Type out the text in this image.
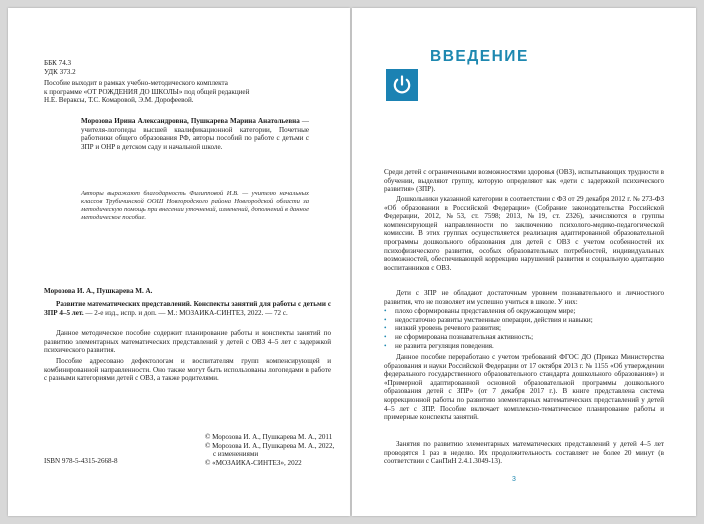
ББК 74.3
УДК 373.2
Пособие выходит в рамках учебно-методического комплекта
к программе «ОТ РОЖДЕНИЯ ДО ШКОЛЫ» под общей редакцией
Н.Е. Вераксы, Т.С. Комаровой, Э.М. Дорофеевой.

Морозова Ирина Александровна, Пушкарева Марина Анатольевна — учителя-логопеды высшей квалификационной категории, Почетные работники общего образования РФ, авторы пособий по работе с детьми с ЗПР и ОНР в детском саду и начальной школе.

Авторы выражают благодарность Филипповой И.В. — учителю начальных классов Трубичинской ООШ Новгородского района Новгородской области за методическую помощь при внесении уточнений, изменений, дополнений в данное методическое пособие.

Морозова И. А., Пушкарева М. А.

Развитие математических представлений. Конспекты занятий для работы с детьми с ЗПР 4–5 лет. — 2-е изд., испр. и доп. — М.: МОЗАИКА-СИНТЕЗ, 2022. — 72 с.

Данное методическое пособие содержит планирование работы и конспекты занятий по развитию элементарных математических представлений у детей с ОВЗ 4–5 лет с задержкой психического развития.

Пособие адресовано дефектологам и воспитателям групп компенсирующей и комбинированной направленности. Оно также могут быть использованы логопедами в работе с разными категориями детей с ОВЗ, а также родителями.

© Морозова И. А., Пушкарева М. А., 2011
© Морозова И. А., Пушкарева М. А., 2022,
с изменениями
© «МОЗАИКА-СИНТЕЗ», 2022

ISBN 978-5-4315-2668-8

ВВЕДЕНИЕ

Среди детей с ограниченными возможностями здоровья (ОВЗ), испытывающих трудности в обучении, выделяют группу, которую определяют как «дети с задержкой психического развития» (ЗПР).

Дошкольники указанной категории в соответствии с ФЗ от 29 декабря 2012 г. № 273-ФЗ «Об образовании в Российской Федерации» (Собрание законодательства Российской Федерации, 2012, №53, ст. 7598; 2013, №19, ст. 2326), зачисляются в группы компенсирующей направленности по заключению психолого-медико-педагогической комиссии. В этих группах осуществляется реализация адаптированной образовательной программы дошкольного образования для детей с ОВЗ с учетом особенностей их психофизического развития, особых образовательных потребностей, индивидуальных возможностей, обеспечивающей коррекцию нарушений развития и социальную адаптацию воспитанников с ОВЗ.

Дети с ЗПР не обладают достаточным уровнем познавательного и личностного развития, что не позволяет им успешно учиться в школе. У них:

• плохо сформированы представления об окружающем мире;
• недостаточно развиты умственные операции, действия и навыки;
• низкий уровень речевого развития;
• не сформирована познавательная активность;
• не развита регуляция поведения.

Данное пособие переработано с учетом требований ФГОС ДО (Приказ Министерства образования и науки Российской Федерации от 17 октября 2013 г. № 1155 «Об утверждении федерального государственного образовательного стандарта дошкольного образования») и «Примерной адаптированной основной образовательной программы дошкольного образования детей с ЗПР» (от 7 декабря 2017 г.). В книге представлена система коррекционной работы по развитию элементарных математических представлений у детей 4–5 лет с ЗПР. Пособие включает комплексно-тематическое планирование работы и примерные конспекты занятий.

Занятия по развитию элементарных математических представлений у детей 4–5 лет проводятся 1 раз в неделю. Их продолжительность составляет не более 20 минут (в соответствии с СанПиН 2.4.1.3049-13).

3
